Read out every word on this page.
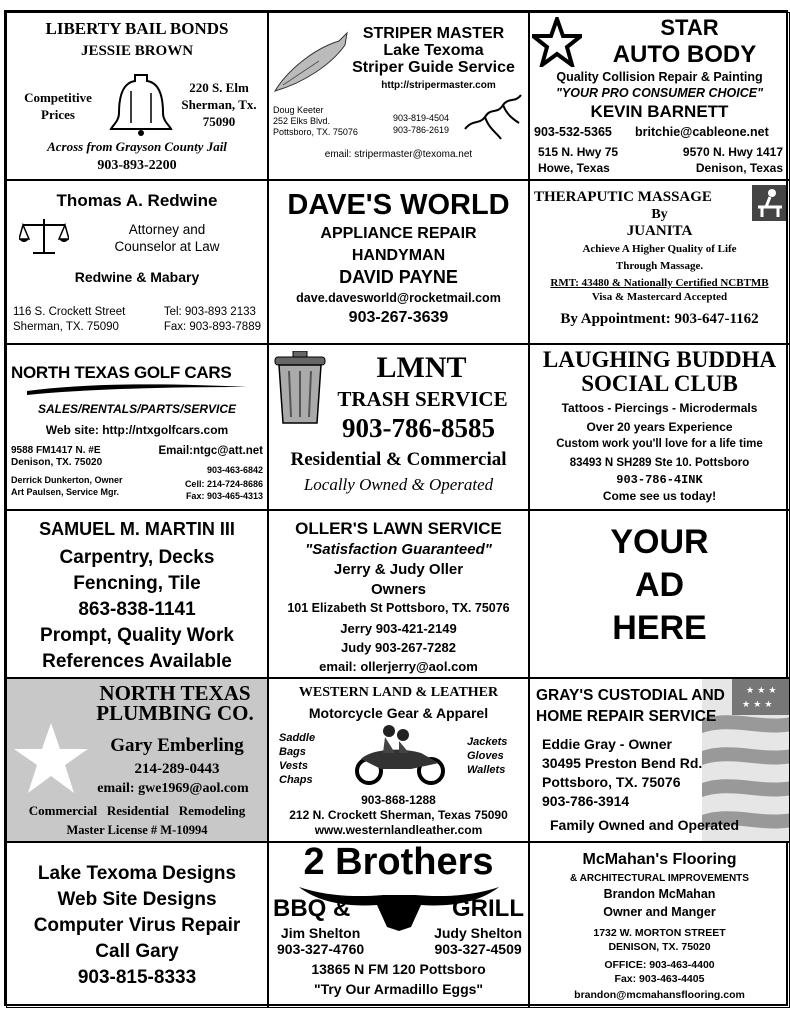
LIBERTY BAIL BONDS
JESSIE BROWN
Competitive Prices
220 S. Elm
Sherman, Tx.
75090
Across from Grayson County Jail
903-893-2200
STRIPER MASTER
Lake Texoma
Striper Guide Service
http://stripermaster.com
Doug Keeter
252 Elks Blvd.
Pottsboro, TX. 75076
903-819-4504
903-786-2619
email: stripermaster@texoma.net
STAR
AUTO BODY
Quality Collision Repair & Painting
"YOUR PRO CONSUMER CHOICE"
KEVIN BARNETT
903-532-5365 britchie@cableone.net
515 N. Hwy 75
Howe, Texas
9570 N. Hwy 1417
Denison, Texas
Thomas A. Redwine
Attorney and
Counselor at Law
Redwine & Mabary
116 S. Crockett Street
Sherman, TX. 75090
Tel: 903-893 2133
Fax: 903-893-7889
DAVE'S WORLD
APPLIANCE REPAIR
HANDYMAN
DAVID PAYNE
dave.davesworld@rocketmail.com
903-267-3639
THERAPUTIC MASSAGE
By
JUANITA
Achieve A Higher Quality of Life
Through Massage.
RMT: 43480 & Nationally Certified NCBTMB
Visa & Mastercard Accepted
By Appointment: 903-647-1162
NORTH TEXAS GOLF CARS
SALES/RENTALS/PARTS/SERVICE
Web site: http://ntxgolfcars.com
9588 FM1417 N. #E
Denison, TX. 75020
Email:ntgc@att.net
903-463-6842
Derrick Dunkerton, Owner
Art Paulsen, Service Mgr.
Cell: 214-724-8686
Fax: 903-465-4313
LMNT
TRASH SERVICE
903-786-8585
Residential & Commercial
Locally Owned & Operated
LAUGHING BUDDHA
SOCIAL CLUB
Tattoos - Piercings - Microdermals
Over 20 years Experience
Custom work you'll love for a life time
83493 N SH289 Ste 10. Pottsboro
903-786-4INK
Come see us today!
SAMUEL M. MARTIN III
Carpentry, Decks
Fencning, Tile
863-838-1141
Prompt, Quality Work
References Available
OLLER'S LAWN SERVICE
"Satisfaction Guaranteed"
Jerry & Judy Oller
Owners
101 Elizabeth St Pottsboro, TX. 75076
Jerry 903-421-2149
Judy 903-267-7282
email: ollerjerry@aol.com
YOUR
AD
HERE
NORTH TEXAS
PLUMBING CO.
Gary Emberling
214-289-0443
email: gwe1969@aol.com
Commercial   Residential   Remodeling
Master License # M-10994
WESTERN LAND & LEATHER
Motorcycle Gear & Apparel
Saddle
Bags
Vests
Chaps
Jackets
Gloves
Wallets
903-868-1288
212 N. Crockett Sherman, Texas 75090
www.westernlandleather.com
★ ★ ★
★ ★ ★
GRAY'S CUSTODIAL AND
HOME REPAIR SERVICE
Eddie Gray - Owner
30495 Preston Bend Rd.
Pottsboro, TX. 75076
903-786-3914
Family Owned and Operated
Lake Texoma Designs
Web Site Designs
Computer Virus Repair
Call Gary
903-815-8333
2 Brothers
BBQ &	GRILL
Jim Shelton
903-327-4760
Judy Shelton
903-327-4509
13865 N FM 120 Pottsboro
"Try Our Armadillo Eggs"
McMahan's Flooring
& ARCHITECTURAL IMPROVEMENTS
Brandon McMahan
Owner and Manger
1732 W. MORTON STREET
DENISON, TX. 75020
OFFICE: 903-463-4400
Fax: 903-463-4405
brandon@mcmahansflooring.com
